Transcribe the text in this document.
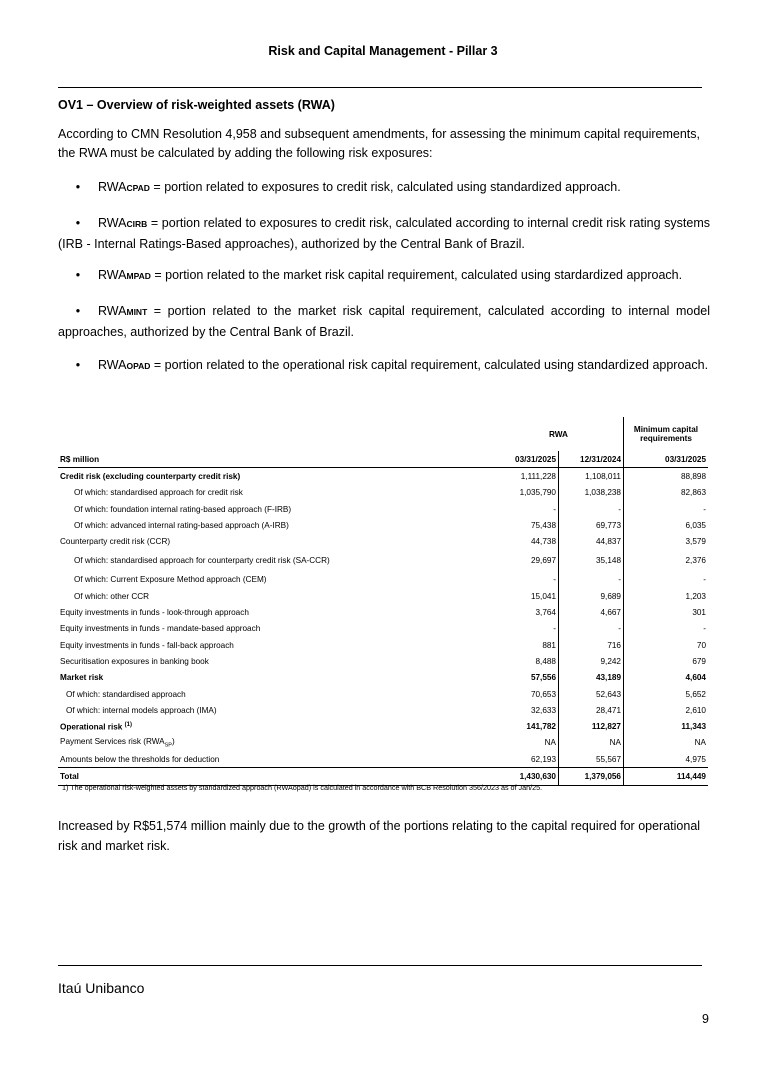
Risk and Capital Management - Pillar 3
OV1 – Overview of risk-weighted assets (RWA)
According to CMN Resolution 4,958 and subsequent amendments, for assessing the minimum capital requirements, the RWA must be calculated by adding the following risk exposures:
• RWACPAD = portion related to exposures to credit risk, calculated using standardized approach.
• RWACIRB = portion related to exposures to credit risk, calculated according to internal credit risk rating systems (IRB - Internal Ratings-Based approaches), authorized by the Central Bank of Brazil.
• RWAMPAD = portion related to the market risk capital requirement, calculated using stardardized approach.
• RWAMINT = portion related to the market risk capital requirement, calculated according to internal model approaches, authorized by the Central Bank of Brazil.
• RWAOPAD = portion related to the operational risk capital requirement, calculated using standardized approach.
	RWA		Minimum capital requirements
R$ million	03/31/2025	12/31/2024	03/31/2025
Credit risk (excluding counterparty credit risk)	1,111,228	1,108,011	88,898
Of which: standardised approach for credit risk	1,035,790	1,038,238	82,863
Of which: foundation internal rating-based approach (F-IRB)	-	-	-
Of which: advanced internal rating-based approach (A-IRB)	75,438	69,773	6,035
Counterparty credit risk (CCR)	44,738	44,837	3,579
Of which: standardised approach for counterparty credit risk (SA-CCR)	29,697	35,148	2,376
Of which: Current Exposure Method approach (CEM)	-	-	-
Of which: other CCR	15,041	9,689	1,203
Equity investments in funds - look-through approach	3,764	4,667	301
Equity investments in funds - mandate-based approach	-	-	-
Equity investments in funds - fall-back approach	881	716	70
Securitisation exposures in banking book	8,488	9,242	679
Market risk	57,556	43,189	4,604
Of which: standardised approach	70,653	52,643	5,652
Of which: internal models approach (IMA)	32,633	28,471	2,610
Operational risk $^{(1)}$	141,782	112,827	11,343
Payment Services risk $(RWA_{SP})$	NA	NA	NA
Amounts below the thresholds for deduction	62,193	55,567	4,975
Total	1,430,630	1,379,056	114,449
1) The operational risk-weighted assets by standardized approach (RWAopad) is calculated in accordance with BCB Resolution 356/2023 as of Jan/25.
Increased by R$51,574 million mainly due to the growth of the portions relating to the capital required for operational risk and market risk.
Itaú Unibanco
9
